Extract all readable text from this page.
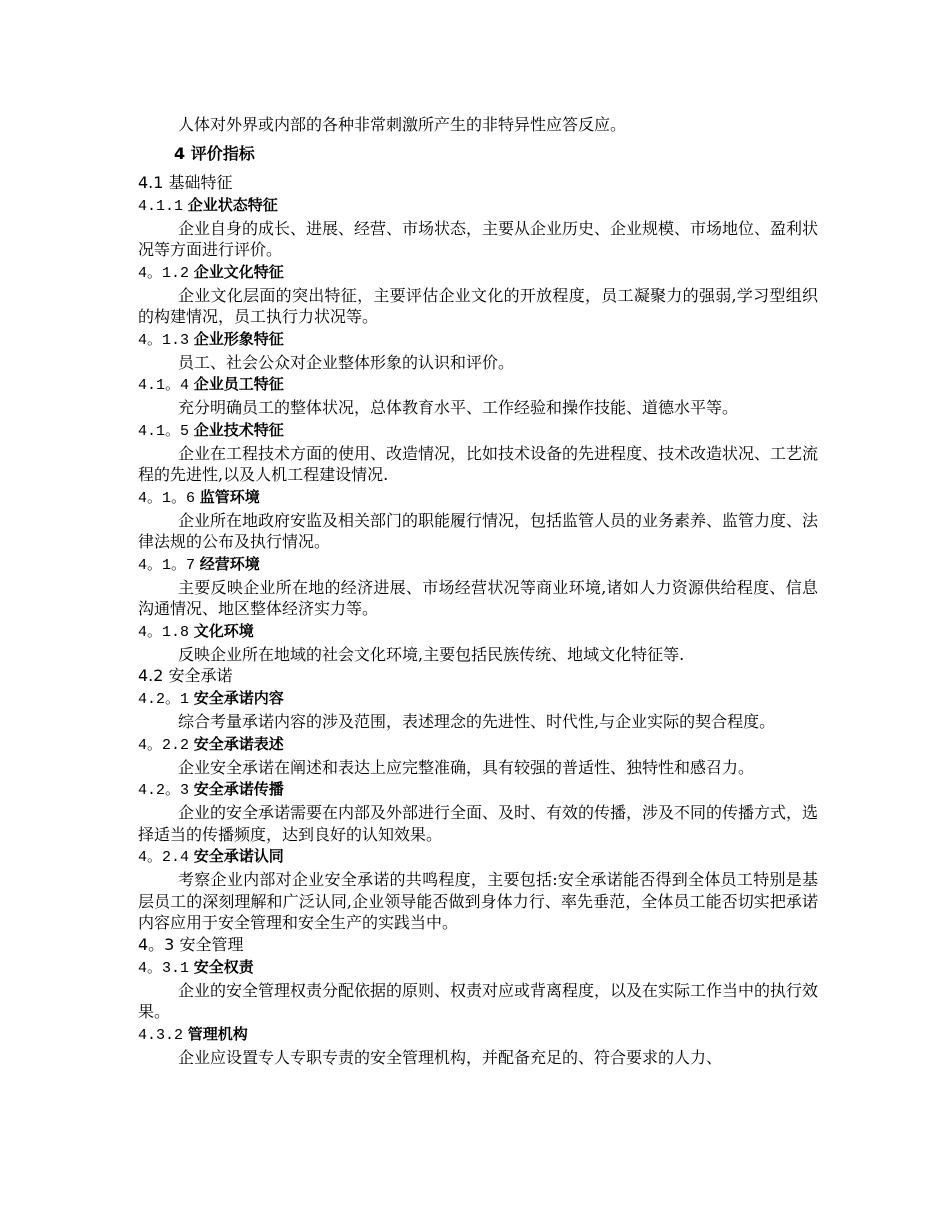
人体对外界或内部的各种非常刺激所产生的非特异性应答反应。
4 评价指标
4.1 基础特征
4.1.1 企业状态特征
企业自身的成长、进展、经营、市场状态，主要从企业历史、企业规模、市场地位、盈利状况等方面进行评价。
4。1.2 企业文化特征
企业文化层面的突出特征，主要评估企业文化的开放程度，员工凝聚力的强弱,学习型组织的构建情况，员工执行力状况等。
4。1.3 企业形象特征
员工、社会公众对企业整体形象的认识和评价。
4.1。4 企业员工特征
充分明确员工的整体状况，总体教育水平、工作经验和操作技能、道德水平等。
4.1。5 企业技术特征
企业在工程技术方面的使用、改造情况，比如技术设备的先进程度、技术改造状况、工艺流程的先进性,以及人机工程建设情况.
4。1。6 监管环境
企业所在地政府安监及相关部门的职能履行情况，包括监管人员的业务素养、监管力度、法律法规的公布及执行情况。
4。1。7 经营环境
主要反映企业所在地的经济进展、市场经营状况等商业环境,诸如人力资源供给程度、信息沟通情况、地区整体经济实力等。
4。1.8 文化环境
反映企业所在地域的社会文化环境,主要包括民族传统、地域文化特征等.
4.2 安全承诺
4.2。1 安全承诺内容
综合考量承诺内容的涉及范围，表述理念的先进性、时代性,与企业实际的契合程度。
4。2.2 安全承诺表述
企业安全承诺在阐述和表达上应完整准确，具有较强的普适性、独特性和感召力。
4.2。3 安全承诺传播
企业的安全承诺需要在内部及外部进行全面、及时、有效的传播，涉及不同的传播方式，选择适当的传播频度，达到良好的认知效果。
4。2.4 安全承诺认同
考察企业内部对企业安全承诺的共鸣程度，主要包括:安全承诺能否得到全体员工特别是基层员工的深刻理解和广泛认同,企业领导能否做到身体力行、率先垂范，全体员工能否切实把承诺内容应用于安全管理和安全生产的实践当中。
4。3 安全管理
4。3.1 安全权责
企业的安全管理权责分配依据的原则、权责对应或背离程度，以及在实际工作当中的执行效果。
4.3.2 管理机构
企业应设置专人专职专责的安全管理机构，并配备充足的、符合要求的人力、
